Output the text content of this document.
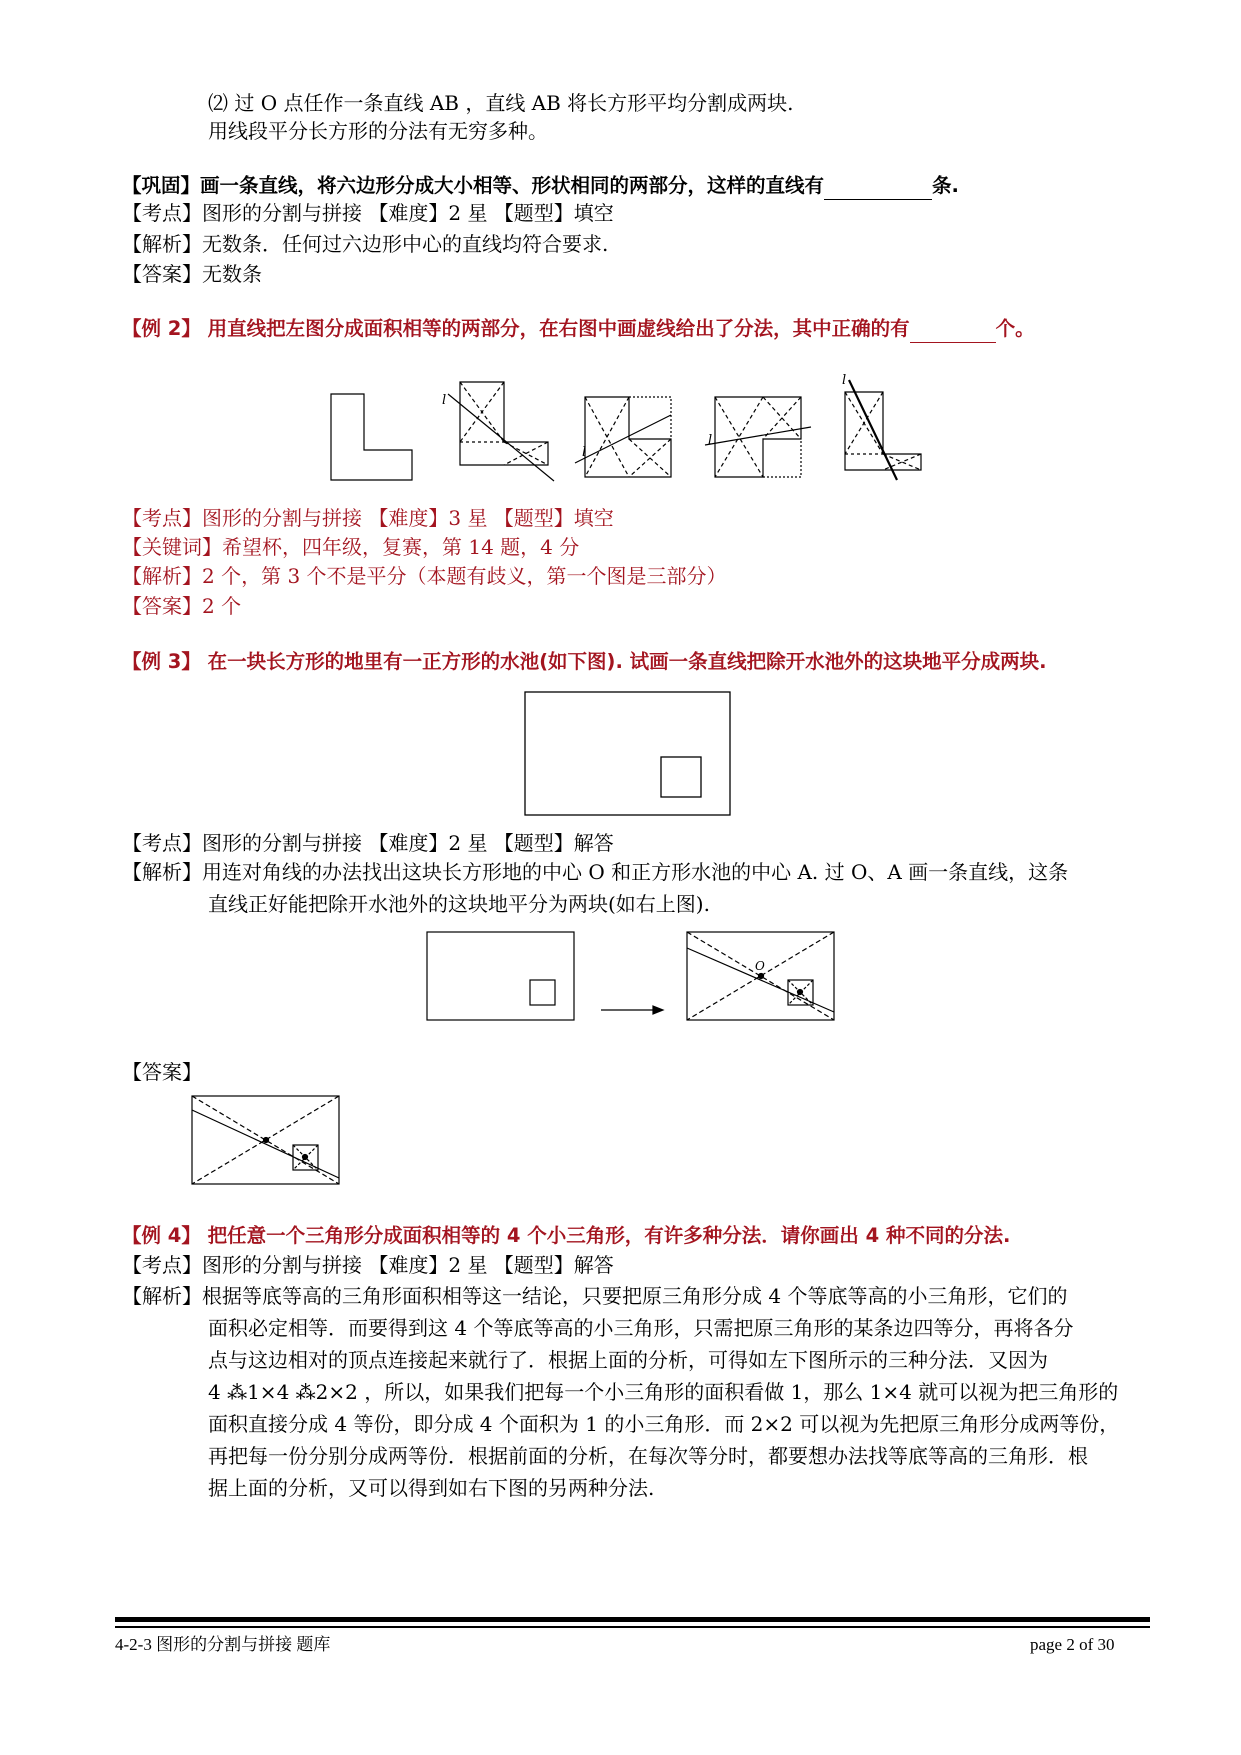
⑵ 过 O 点任作一条直线 AB ，直线 AB 将长方形平均分割成两块.
用线段平分长方形的分法有无穷多种。
【巩固】画一条直线，将六边形分成大小相等、形状相同的两部分，这样的直线有	条.
【考点】图形的分割与拼接 【难度】2 星 【题型】填空
【解析】无数条．任何过六边形中心的直线均符合要求.
【答案】无数条
【例 2】 用直线把左图分成面积相等的两部分，在右图中画虚线给出了分法，其中正确的有	个。
l
l
l
l
【考点】图形的分割与拼接 【难度】3 星 【题型】填空
【关键词】希望杯，四年级，复赛，第 14 题，4 分
【解析】2 个，第 3 个不是平分（本题有歧义，第一个图是三部分）
【答案】2 个
【例 3】 在一块长方形的地里有一正方形的水池(如下图). 试画一条直线把除开水池外的这块地平分成两块.
【考点】图形的分割与拼接 【难度】2 星 【题型】解答
【解析】用连对角线的办法找出这块长方形地的中心 O 和正方形水池的中心 A. 过 O、A 画一条直线，这条
直线正好能把除开水池外的这块地平分为两块(如右上图).
O
【答案】
【例 4】 把任意一个三角形分成面积相等的 4 个小三角形，有许多种分法．请你画出 4 种不同的分法.
【考点】图形的分割与拼接 【难度】2 星 【题型】解答
【解析】根据等底等高的三角形面积相等这一结论，只要把原三角形分成 4 个等底等高的小三角形，它们的
面积必定相等．而要得到这 4 个等底等高的小三角形，只需把原三角形的某条边四等分，再将各分
点与这边相对的顶点连接起来就行了．根据上面的分析，可得如左下图所示的三种分法．又因为
4 ⁂1×4 ⁂2×2 ，所以，如果我们把每一个小三角形的面积看做 1，那么 1×4 就可以视为把三角形的
面积直接分成 4 等份，即分成 4 个面积为 1 的小三角形．而 2×2 可以视为先把原三角形分成两等份，
再把每一份分别分成两等份．根据前面的分析，在每次等分时，都要想办法找等底等高的三角形．根
据上面的分析，又可以得到如右下图的另两种分法.
4-2-3 图形的分割与拼接 题库	page 2 of 30
